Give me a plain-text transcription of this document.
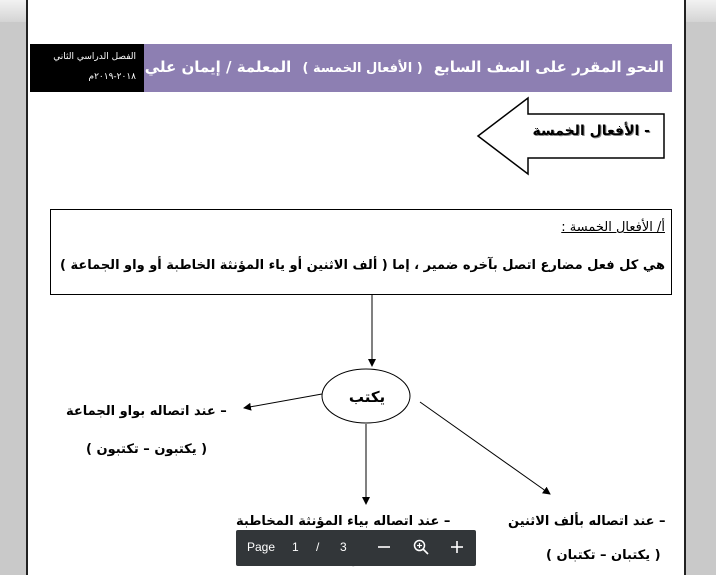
النحو المقرر على الصف السابع ( الأفعال الخمسة ) المعلمة / إيمان علي
الفصل الدراسي الثاني
٢٠١٨-٢٠١٩م
- الأفعال الخمسة
أ/ الأفعال الخمسة :
هي كل فعل مضارع اتصل بآخره ضمير ، إما ( ألف الاثنين أو ياء المؤنثة الخاطبة أو واو الجماعة )
يكتب
– عند اتصاله بواو الجماعة
( يكتبون – تكتبون )
– عند اتصاله بياء المؤنثة المخاطبة	– عند اتصاله بألف الاثنين
( يكتبان – تكتبان )
Page 1 / 3
